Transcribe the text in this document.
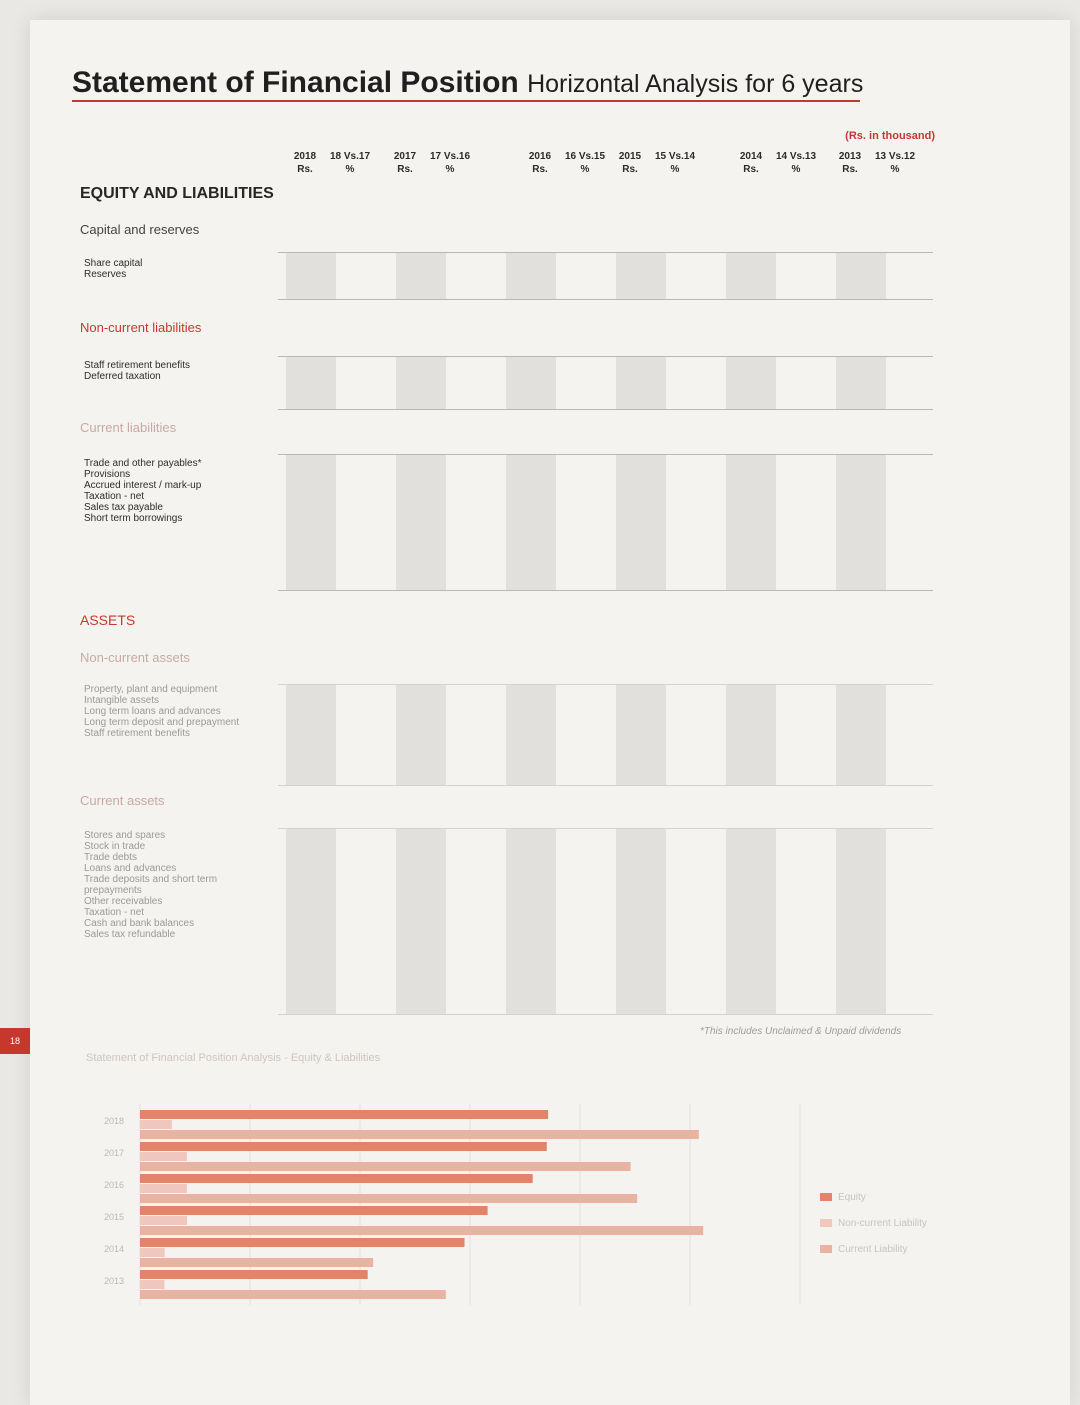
Statement of Financial Position Horizontal Analysis for 6 years
(Rs. in thousand)
2018
Rs.
18 Vs.17
%
2017
Rs.
17 Vs.16
%
2016
Rs.
16 Vs.15
%
2015
Rs.
15 Vs.14
%
2014
Rs.
14 Vs.13
%
2013
Rs.
13 Vs.12
%
EQUITY AND LIABILITIES
Capital and reserves
Share capital
Reserves
Non-current liabilities
Staff retirement benefits
Deferred taxation
Current liabilities
Trade and other payables*
Provisions
Accrued interest / mark-up
Taxation - net
Sales tax payable
Short term borrowings
ASSETS
Non-current assets
Property, plant and equipment
Intangible assets
Long term loans and advances
Long term deposit and prepayment
Staff retirement benefits
Current assets
Stores and spares
Stock in trade
Trade debts
Loans and advances
Trade deposits and short term
prepayments
Other receivables
Taxation - net
Cash and bank balances
Sales tax refundable
*This includes Unclaimed & Unpaid dividends
Statement of Financial Position Analysis - Equity & Liabilities
2018
2017
2016
2015
2014
2013
Equity
Non-current Liability
Current Liability
18
